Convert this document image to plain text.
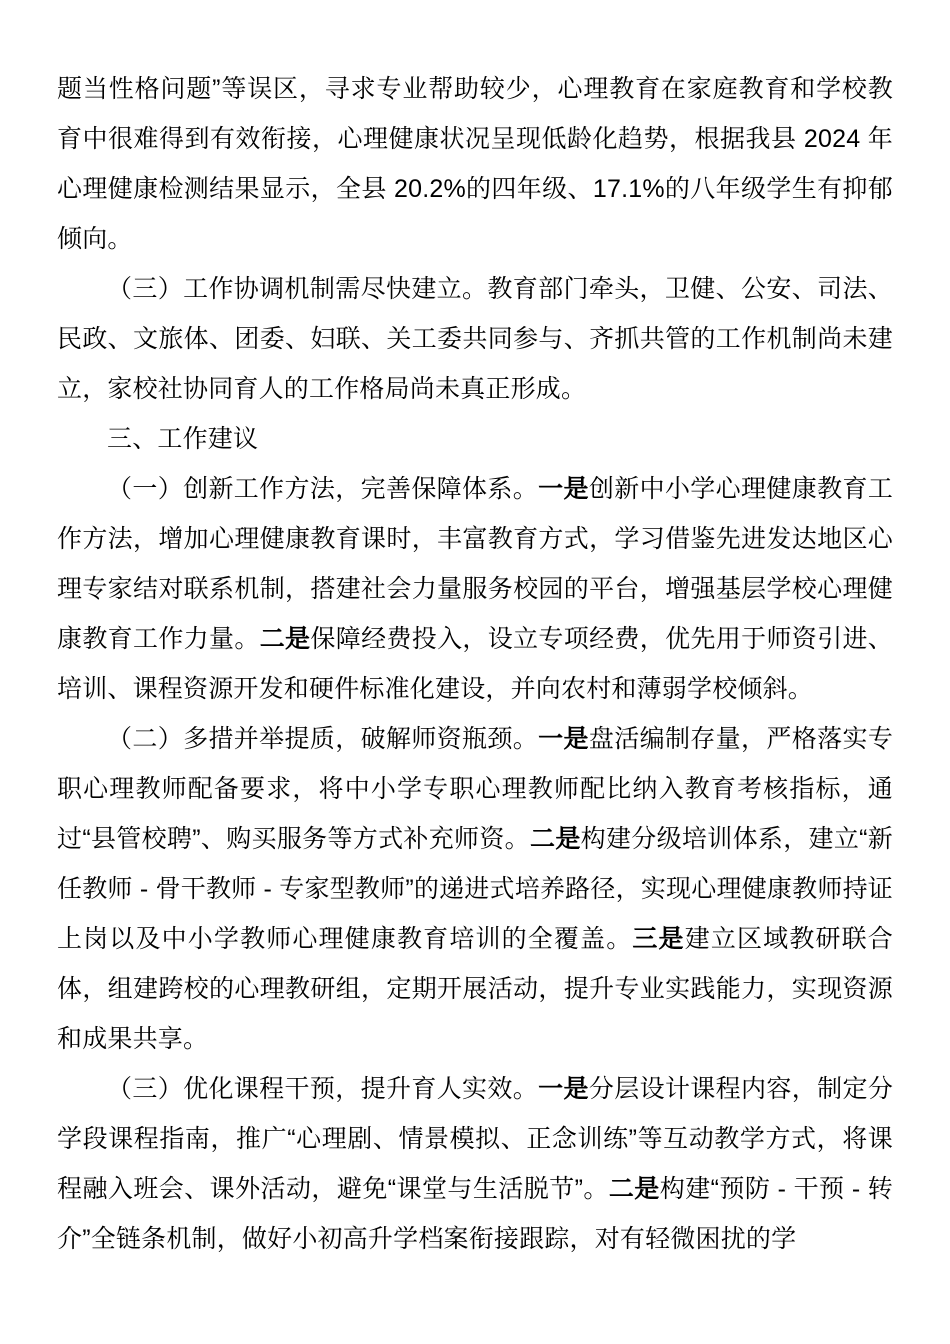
题当性格问题”等误区，寻求专业帮助较少，心理教育在家庭教育和学校教育中很难得到有效衔接，心理健康状况呈现低龄化趋势，根据我县 2024 年心理健康检测结果显示，全县 20.2%的四年级、17.1%的八年级学生有抑郁倾向。

（三）工作协调机制需尽快建立。教育部门牵头，卫健、公安、司法、民政、文旅体、团委、妇联、关工委共同参与、齐抓共管的工作机制尚未建立，家校社协同育人的工作格局尚未真正形成。

三、工作建议

（一）创新工作方法，完善保障体系。一是创新中小学心理健康教育工作方法，增加心理健康教育课时，丰富教育方式，学习借鉴先进发达地区心理专家结对联系机制，搭建社会力量服务校园的平台，增强基层学校心理健康教育工作力量。二是保障经费投入，设立专项经费，优先用于师资引进、培训、课程资源开发和硬件标准化建设，并向农村和薄弱学校倾斜。

（二）多措并举提质，破解师资瓶颈。一是盘活编制存量，严格落实专职心理教师配备要求，将中小学专职心理教师配比纳入教育考核指标，通过“县管校聘”、购买服务等方式补充师资。二是构建分级培训体系，建立“新任教师 - 骨干教师 - 专家型教师”的递进式培养路径，实现心理健康教师持证上岗以及中小学教师心理健康教育培训的全覆盖。三是建立区域教研联合体，组建跨校的心理教研组，定期开展活动，提升专业实践能力，实现资源和成果共享。

（三）优化课程干预，提升育人实效。一是分层设计课程内容，制定分学段课程指南，推广“心理剧、情景模拟、正念训练”等互动教学方式，将课程融入班会、课外活动，避免“课堂与生活脱节”。二是构建“预防 - 干预 - 转介”全链条机制，做好小初高升学档案衔接跟踪，对有轻微困扰的学
